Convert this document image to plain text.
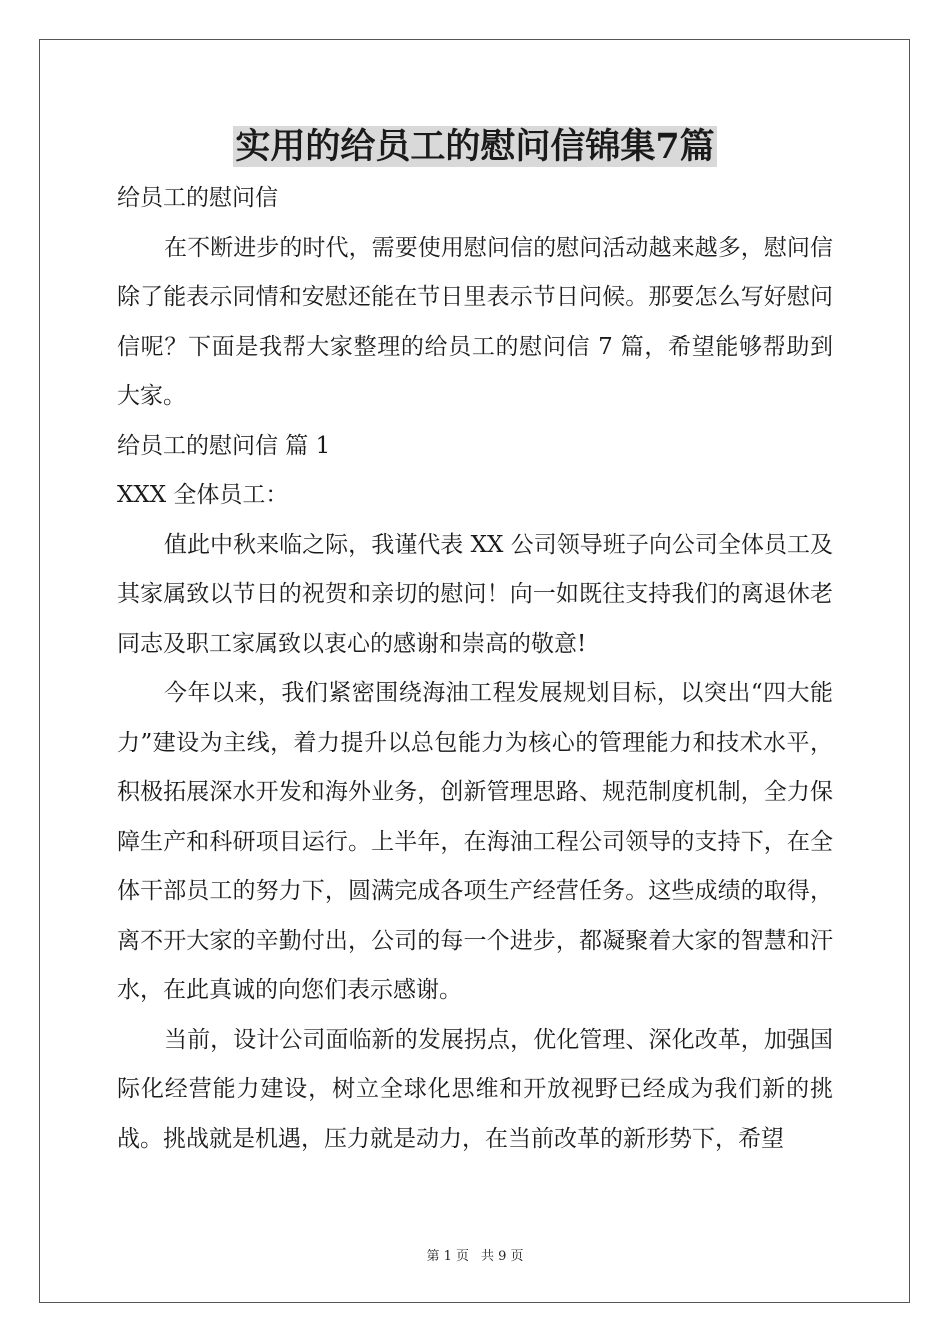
实用的给员工的慰问信锦集7篇

给员工的慰问信

在不断进步的时代，需要使用慰问信的慰问活动越来越多，慰问信除了能表示同情和安慰还能在节日里表示节日问候。那要怎么写好慰问信呢？下面是我帮大家整理的给员工的慰问信 7 篇，希望能够帮助到大家。

给员工的慰问信 篇 1

XXX 全体员工：

值此中秋来临之际，我谨代表 XX 公司领导班子向公司全体员工及其家属致以节日的祝贺和亲切的慰问！向一如既往支持我们的离退休老同志及职工家属致以衷心的感谢和崇高的敬意!

今年以来，我们紧密围绕海油工程发展规划目标，以突出“四大能力”建设为主线，着力提升以总包能力为核心的管理能力和技术水平，积极拓展深水开发和海外业务，创新管理思路、规范制度机制，全力保障生产和科研项目运行。上半年，在海油工程公司领导的支持下，在全体干部员工的努力下，圆满完成各项生产经营任务。这些成绩的取得，离不开大家的辛勤付出，公司的每一个进步，都凝聚着大家的智慧和汗水，在此真诚的向您们表示感谢。

当前，设计公司面临新的发展拐点，优化管理、深化改革，加强国际化经营能力建设，树立全球化思维和开放视野已经成为我们新的挑战。挑战就是机遇，压力就是动力，在当前改革的新形势下，希望

第 1 页 共 9 页
